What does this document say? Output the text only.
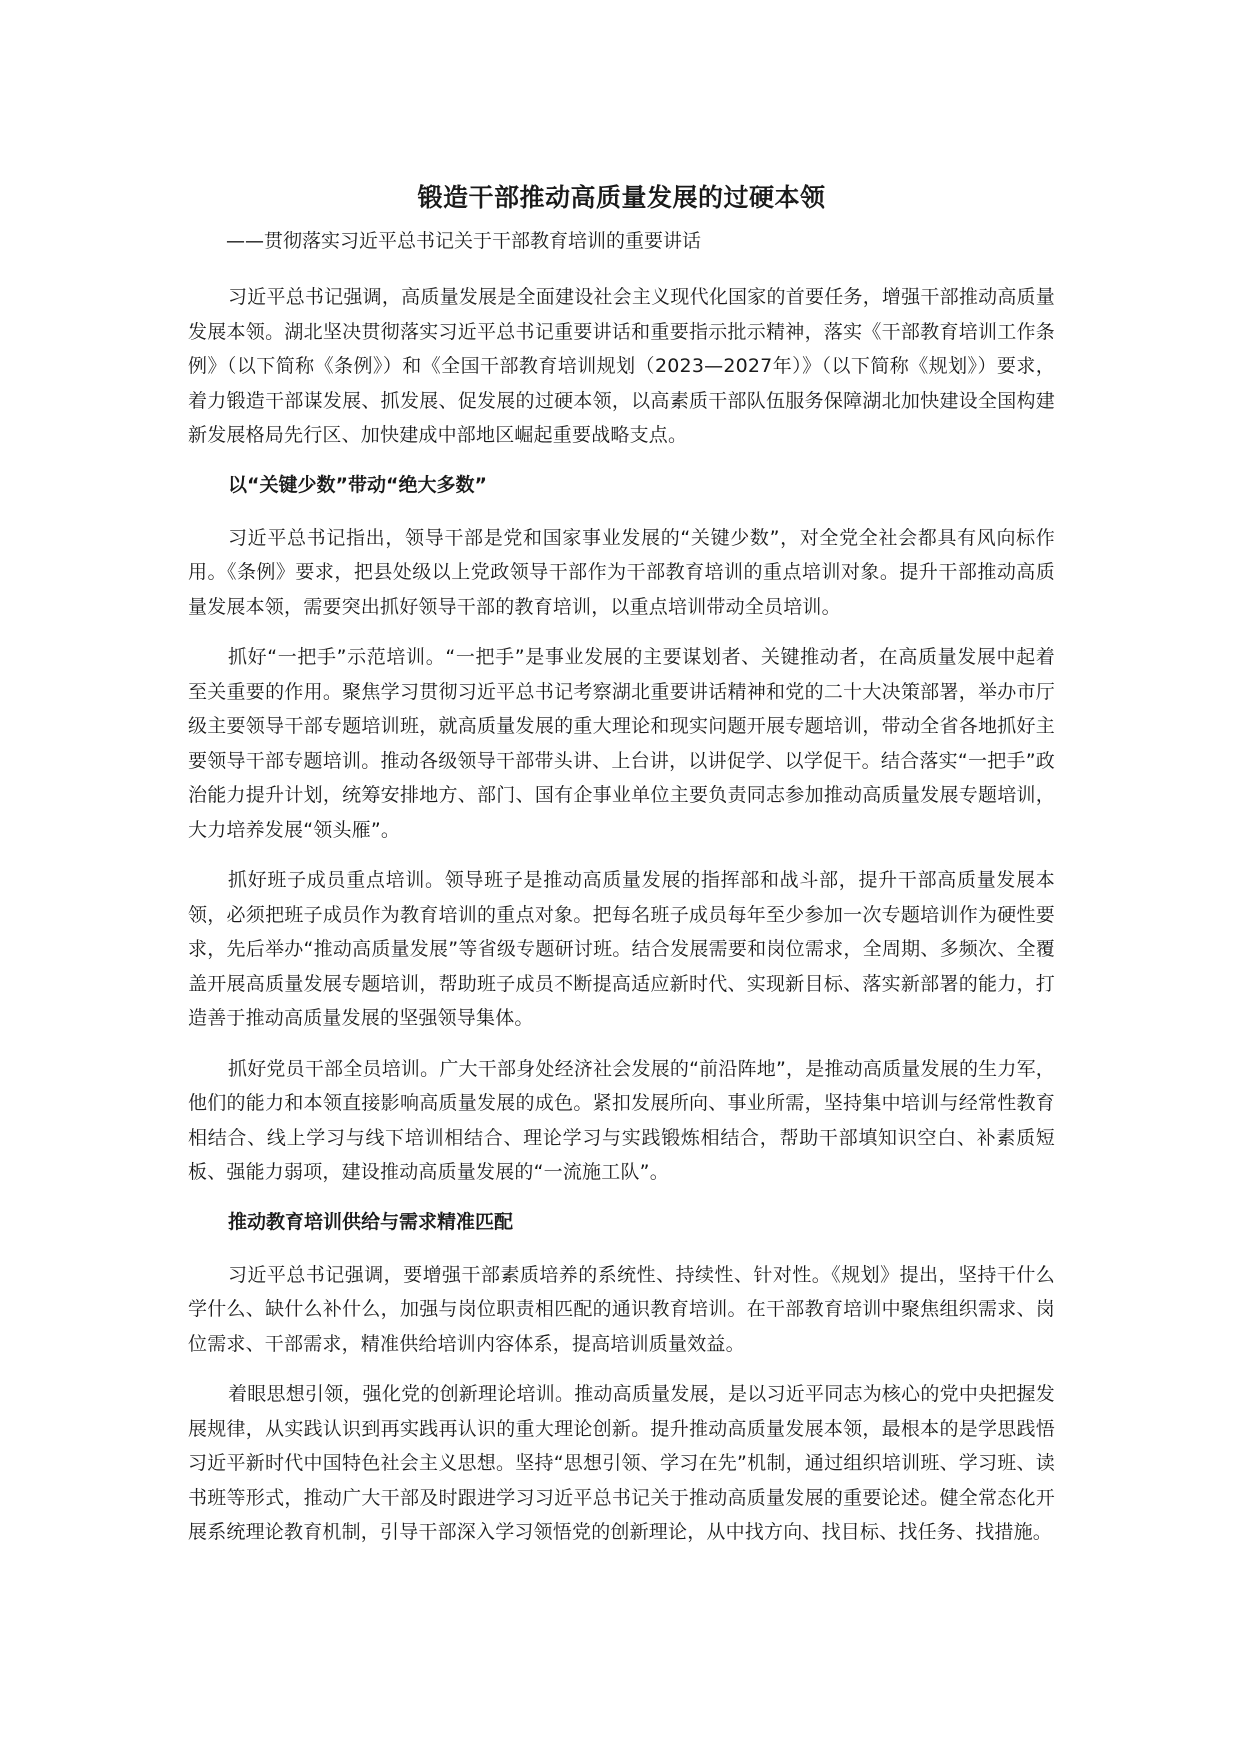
锻造干部推动高质量发展的过硬本领

——贯彻落实习近平总书记关于干部教育培训的重要讲话

习近平总书记强调，高质量发展是全面建设社会主义现代化国家的首要任务，增强干部推动高质量发展本领。湖北坚决贯彻落实习近平总书记重要讲话和重要指示批示精神，落实《干部教育培训工作条例》（以下简称《条例》）和《全国干部教育培训规划（2023—2027年）》（以下简称《规划》）要求，着力锻造干部谋发展、抓发展、促发展的过硬本领，以高素质干部队伍服务保障湖北加快建设全国构建新发展格局先行区、加快建成中部地区崛起重要战略支点。

以“关键少数”带动“绝大多数”

习近平总书记指出，领导干部是党和国家事业发展的“关键少数”，对全党全社会都具有风向标作用。《条例》要求，把县处级以上党政领导干部作为干部教育培训的重点培训对象。提升干部推动高质量发展本领，需要突出抓好领导干部的教育培训，以重点培训带动全员培训。

抓好“一把手”示范培训。“一把手”是事业发展的主要谋划者、关键推动者，在高质量发展中起着至关重要的作用。聚焦学习贯彻习近平总书记考察湖北重要讲话精神和党的二十大决策部署，举办市厅级主要领导干部专题培训班，就高质量发展的重大理论和现实问题开展专题培训，带动全省各地抓好主要领导干部专题培训。推动各级领导干部带头讲、上台讲，以讲促学、以学促干。结合落实“一把手”政治能力提升计划，统筹安排地方、部门、国有企事业单位主要负责同志参加推动高质量发展专题培训，大力培养发展“领头雁”。

抓好班子成员重点培训。领导班子是推动高质量发展的指挥部和战斗部，提升干部高质量发展本领，必须把班子成员作为教育培训的重点对象。把每名班子成员每年至少参加一次专题培训作为硬性要求，先后举办“推动高质量发展”等省级专题研讨班。结合发展需要和岗位需求，全周期、多频次、全覆盖开展高质量发展专题培训，帮助班子成员不断提高适应新时代、实现新目标、落实新部署的能力，打造善于推动高质量发展的坚强领导集体。

抓好党员干部全员培训。广大干部身处经济社会发展的“前沿阵地”，是推动高质量发展的生力军，他们的能力和本领直接影响高质量发展的成色。紧扣发展所向、事业所需，坚持集中培训与经常性教育相结合、线上学习与线下培训相结合、理论学习与实践锻炼相结合，帮助干部填知识空白、补素质短板、强能力弱项，建设推动高质量发展的“一流施工队”。

推动教育培训供给与需求精准匹配

习近平总书记强调，要增强干部素质培养的系统性、持续性、针对性。《规划》提出，坚持干什么学什么、缺什么补什么，加强与岗位职责相匹配的通识教育培训。在干部教育培训中聚焦组织需求、岗位需求、干部需求，精准供给培训内容体系，提高培训质量效益。

着眼思想引领，强化党的创新理论培训。推动高质量发展，是以习近平同志为核心的党中央把握发展规律，从实践认识到再实践再认识的重大理论创新。提升推动高质量发展本领，最根本的是学思践悟习近平新时代中国特色社会主义思想。坚持“思想引领、学习在先”机制，通过组织培训班、学习班、读书班等形式，推动广大干部及时跟进学习习近平总书记关于推动高质量发展的重要论述。健全常态化开展系统理论教育机制，引导干部深入学习领悟党的创新理论，从中找方向、找目标、找任务、找措施。
